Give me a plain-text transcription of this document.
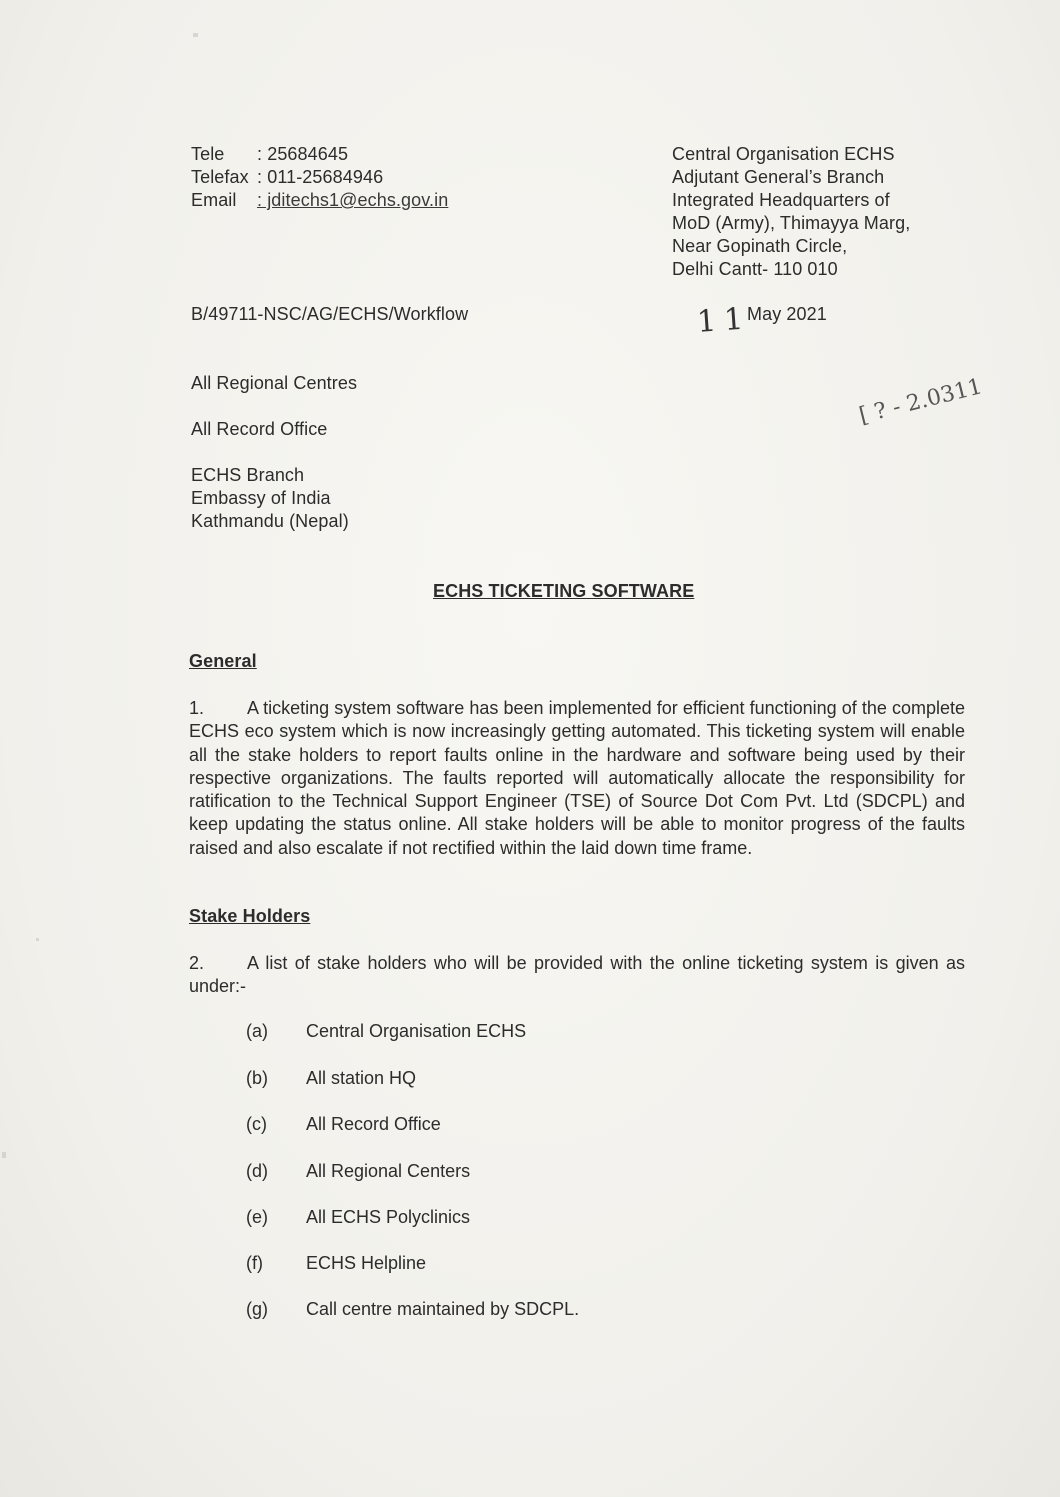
Tele : 25684645
Telefax : 011-25684946
Email : jditechs1@echs.gov.in
Central Organisation ECHS
Adjutant General’s Branch
Integrated Headquarters of
MoD (Army), Thimayya Marg,
Near Gopinath Circle,
Delhi Cantt- 110 010
B/49711-NSC/AG/ECHS/Workflow	11
May 2021
[ ? - 2.0311
All Regional Centres
All Record Office
ECHS Branch
Embassy of India
Kathmandu (Nepal)
ECHS TICKETING SOFTWARE
General
1. A ticketing system software has been implemented for efficient functioning of the complete ECHS eco system which is now increasingly getting automated. This ticketing system will enable all the stake holders to report faults online in the hardware and software being used by their respective organizations. The faults reported will automatically allocate the responsibility for ratification to the Technical Support Engineer (TSE) of Source Dot Com Pvt. Ltd (SDCPL) and keep updating the status online. All stake holders will be able to monitor progress of the faults raised and also escalate if not rectified within the laid down time frame.
Stake Holders
2. A list of stake holders who will be provided with the online ticketing system is given as under:-
(a) Central Organisation ECHS
(b) All station HQ
(c) All Record Office
(d) All Regional Centers
(e) All ECHS Polyclinics
(f) ECHS Helpline
(g) Call centre maintained by SDCPL.
